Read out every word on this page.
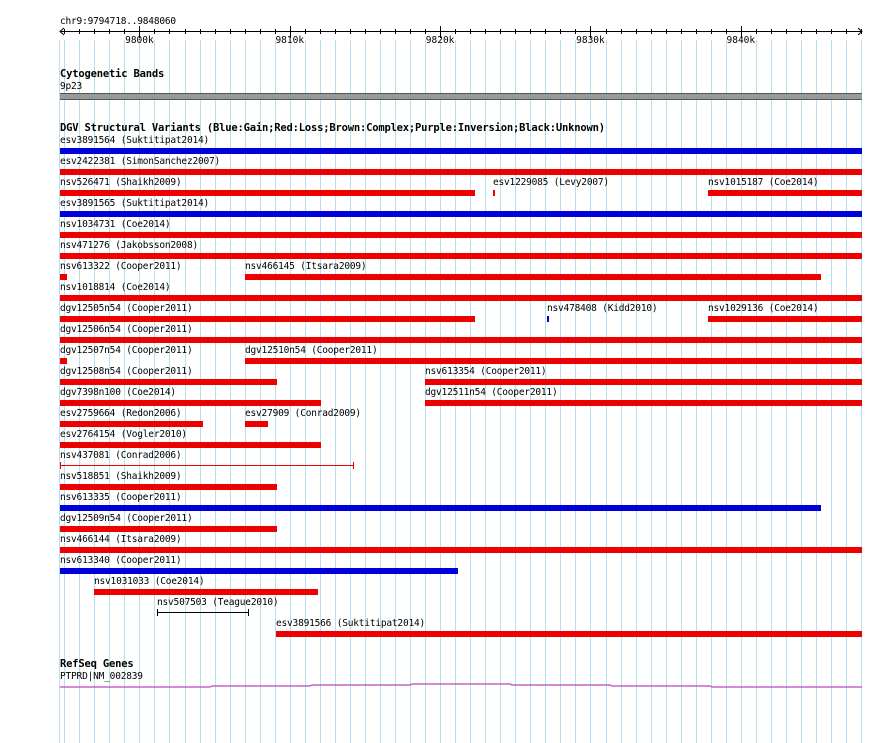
chr9:9794718..9848060
9800k	9810k	9820k	9830k	9840k
Cytogenetic Bands
9p23
DGV Structural Variants (Blue:Gain;Red:Loss;Brown:Complex;Purple:Inversion;Black:Unknown)
esv3891564 (Suktitipat2014)
esv2422381 (SimonSanchez2007)
nsv526471 (Shaikh2009)	esv1229085 (Levy2007)	nsv1015187 (Coe2014)
esv3891565 (Suktitipat2014)
nsv1034731 (Coe2014)
nsv471276 (Jakobsson2008)
nsv613322 (Cooper2011)	nsv466145 (Itsara2009)
nsv1018814 (Coe2014)
dgv12505n54 (Cooper2011)	nsv478408 (Kidd2010)	nsv1029136 (Coe2014)
dgv12506n54 (Cooper2011)
dgv12507n54 (Cooper2011)	dgv12510n54 (Cooper2011)
dgv12508n54 (Cooper2011)	nsv613354 (Cooper2011)
dgv7398n100 (Coe2014)	dgv12511n54 (Cooper2011)
esv2759664 (Redon2006)	esv27909 (Conrad2009)
esv2764154 (Vogler2010)
nsv437081 (Conrad2006)
nsv518851 (Shaikh2009)
nsv613335 (Cooper2011)
dgv12509n54 (Cooper2011)
nsv466144 (Itsara2009)
nsv613340 (Cooper2011)
nsv1031033 (Coe2014)
nsv507503 (Teague2010)
esv3891566 (Suktitipat2014)
RefSeq Genes
PTPRD|NM_002839
